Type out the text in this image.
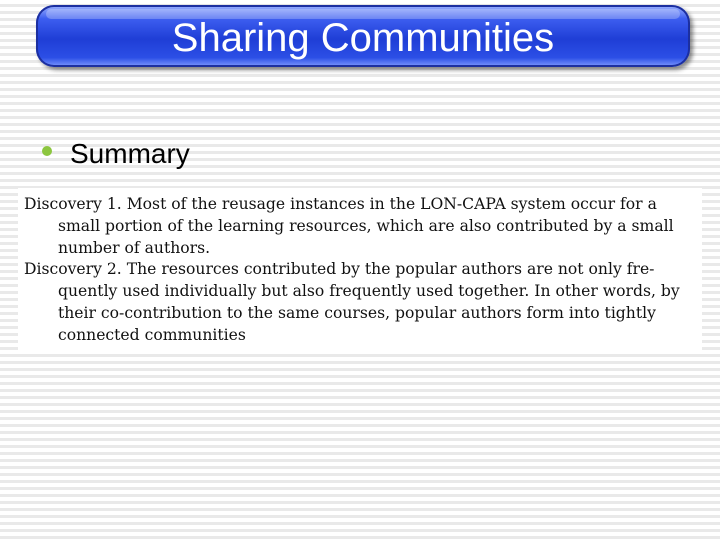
Sharing Communities
Summary
Discovery 1. Most of the reusage instances in the LON-CAPA system occur for a
small portion of the learning resources, which are also contributed by a small
number of authors.
Discovery 2. The resources contributed by the popular authors are not only fre-
quently used individually but also frequently used together. In other words, by
their co-contribution to the same courses, popular authors form into tightly
connected communities
